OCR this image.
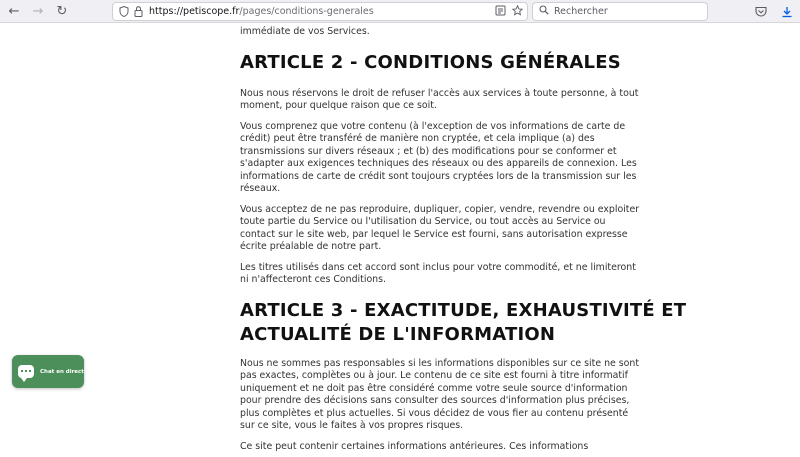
← → ↻	https://petiscope.fr/pages/conditions-generales	Rechercher
immédiate de vos Services.
ARTICLE 2 - CONDITIONS GÉNÉRALES
Nous nous réservons le droit de refuser l'accès aux services à toute personne, à tout
moment, pour quelque raison que ce soit.
Vous comprenez que votre contenu (à l'exception de vos informations de carte de
crédit) peut être transféré de manière non cryptée, et cela implique (a) des
transmissions sur divers réseaux ; et (b) des modifications pour se conformer et
s'adapter aux exigences techniques des réseaux ou des appareils de connexion. Les
informations de carte de crédit sont toujours cryptées lors de la transmission sur les
réseaux.
Vous acceptez de ne pas reproduire, dupliquer, copier, vendre, revendre ou exploiter
toute partie du Service ou l'utilisation du Service, ou tout accès au Service ou
contact sur le site web, par lequel le Service est fourni, sans autorisation expresse
écrite préalable de notre part.
Les titres utilisés dans cet accord sont inclus pour votre commodité, et ne limiteront
ni n'affecteront ces Conditions.
ARTICLE 3 - EXACTITUDE, EXHAUSTIVITÉ ET
ACTUALITÉ DE L'INFORMATION
Nous ne sommes pas responsables si les informations disponibles sur ce site ne sont
pas exactes, complètes ou à jour. Le contenu de ce site est fourni à titre informatif
uniquement et ne doit pas être considéré comme votre seule source d'information
pour prendre des décisions sans consulter des sources d'information plus précises,
plus complètes et plus actuelles. Si vous décidez de vous fier au contenu présenté
sur ce site, vous le faites à vos propres risques.
Ce site peut contenir certaines informations antérieures. Ces informations
Chat en direct
